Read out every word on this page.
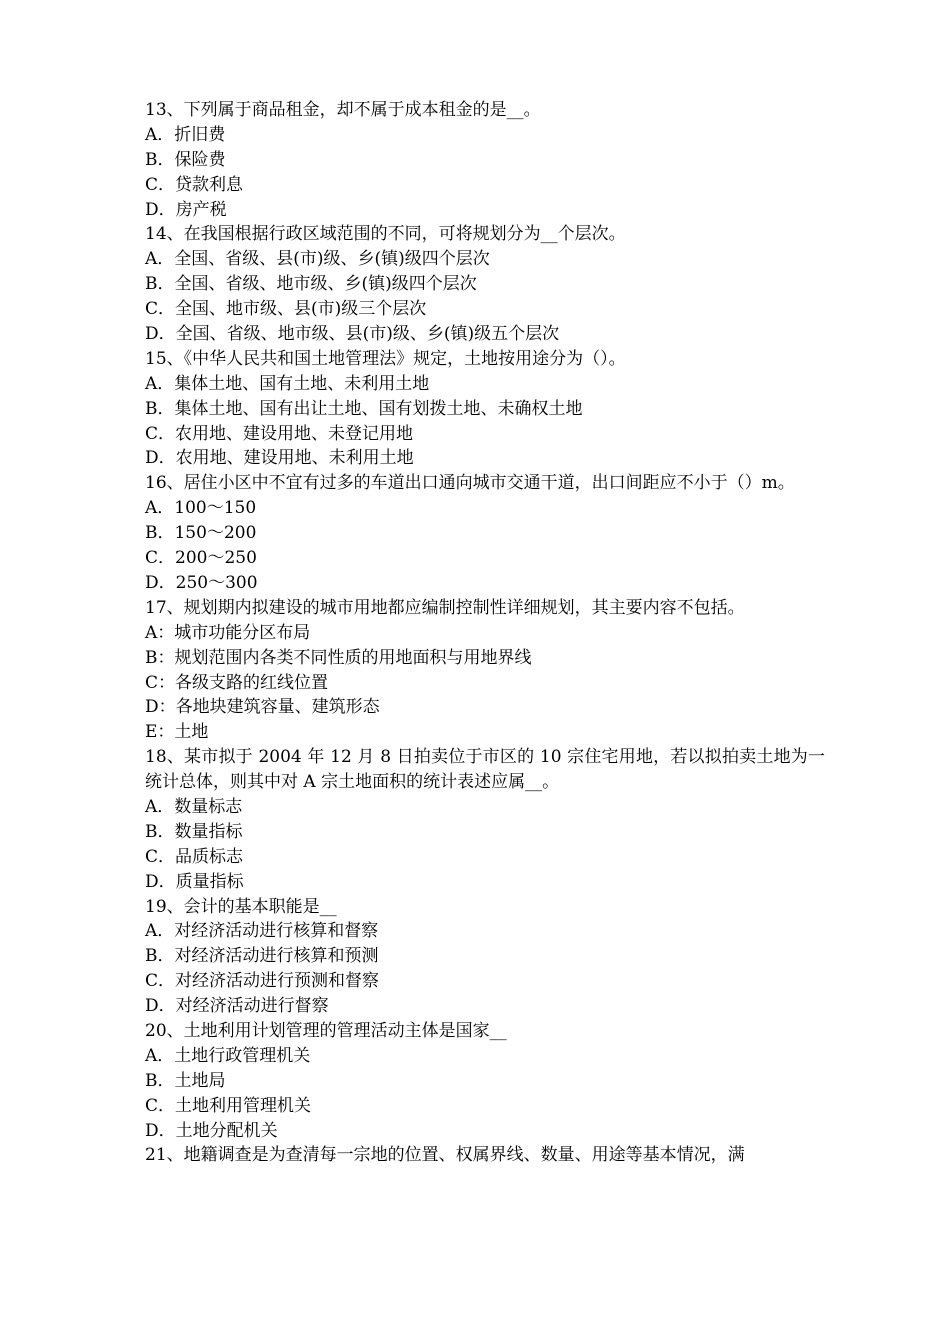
13、下列属于商品租金，却不属于成本租金的是__。
A．折旧费
B．保险费
C．贷款利息
D．房产税
14、在我国根据行政区域范围的不同，可将规划分为__个层次。
A．全国、省级、县(市)级、乡(镇)级四个层次
B．全国、省级、地市级、乡(镇)级四个层次
C．全国、地市级、县(市)级三个层次
D．全国、省级、地市级、县(市)级、乡(镇)级五个层次
15、《中华人民共和国土地管理法》规定，土地按用途分为（）。
A．集体土地、国有土地、未利用土地
B．集体土地、国有出让土地、国有划拨土地、未确权土地
C．农用地、建设用地、未登记用地
D．农用地、建设用地、未利用土地
16、居住小区中不宜有过多的车道出口通向城市交通干道，出口间距应不小于（）m。
A．100～150
B．150～200
C．200～250
D．250～300
17、规划期内拟建设的城市用地都应编制控制性详细规划，其主要内容不包括。
A：城市功能分区布局
B：规划范围内各类不同性质的用地面积与用地界线
C：各级支路的红线位置
D：各地块建筑容量、建筑形态
E：土地
18、某市拟于 2004 年 12 月 8 日拍卖位于市区的 10 宗住宅用地，若以拟拍卖土地为一统计总体，则其中对 A 宗土地面积的统计表述应属__。
A．数量标志
B．数量指标
C．品质标志
D．质量指标
19、会计的基本职能是__
A．对经济活动进行核算和督察
B．对经济活动进行核算和预测
C．对经济活动进行预测和督察
D．对经济活动进行督察
20、土地利用计划管理的管理活动主体是国家__
A．土地行政管理机关
B．土地局
C．土地利用管理机关
D．土地分配机关
21、地籍调查是为查清每一宗地的位置、权属界线、数量、用途等基本情况，满
